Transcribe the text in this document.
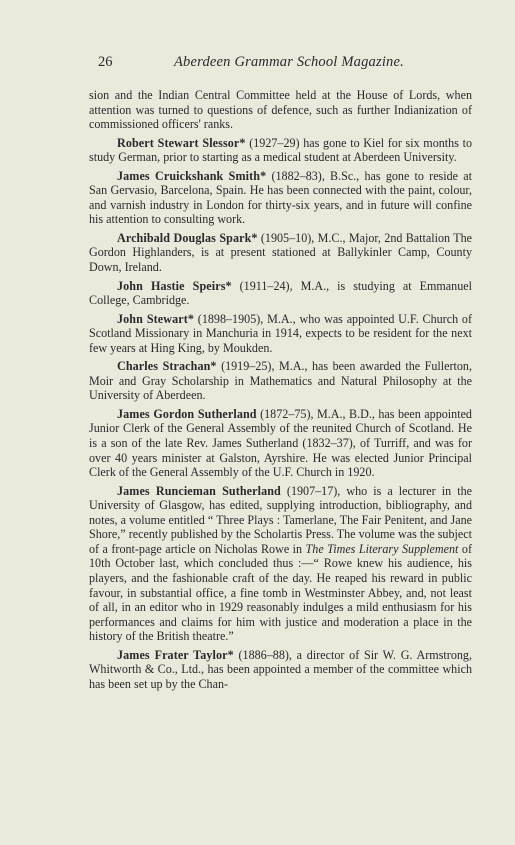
26	Aberdeen Grammar School Magazine.

sion and the Indian Central Committee held at the House of Lords, when attention was turned to questions of defence, such as further Indianization of commissioned officers' ranks.

Robert Stewart Slessor* (1927–29) has gone to Kiel for six months to study German, prior to starting as a medical student at Aberdeen University.

James Cruickshank Smith* (1882–83), B.Sc., has gone to reside at San Gervasio, Barcelona, Spain. He has been connected with the paint, colour, and varnish industry in London for thirty-six years, and in future will confine his attention to consulting work.

Archibald Douglas Spark* (1905–10), M.C., Major, 2nd Battalion The Gordon Highlanders, is at present stationed at Ballykinler Camp, County Down, Ireland.

John Hastie Speirs* (1911–24), M.A., is studying at Emmanuel College, Cambridge.

John Stewart* (1898–1905), M.A., who was appointed U.F. Church of Scotland Missionary in Manchuria in 1914, expects to be resident for the next few years at Hing King, by Moukden.

Charles Strachan* (1919–25), M.A., has been awarded the Fullerton, Moir and Gray Scholarship in Mathematics and Natural Philosophy at the University of Aberdeen.

James Gordon Sutherland (1872–75), M.A., B.D., has been appointed Junior Clerk of the General Assembly of the reunited Church of Scotland. He is a son of the late Rev. James Sutherland (1832–37), of Turriff, and was for over 40 years minister at Galston, Ayrshire. He was elected Junior Principal Clerk of the General Assembly of the U.F. Church in 1920.

James Runcieman Sutherland (1907–17), who is a lecturer in the University of Glasgow, has edited, supplying introduction, bibliography, and notes, a volume entitled “ Three Plays : Tamerlane, The Fair Penitent, and Jane Shore,” recently published by the Scholartis Press. The volume was the subject of a front-page article on Nicholas Rowe in The Times Literary Supplement of 10th October last, which concluded thus :—“ Rowe knew his audience, his players, and the fashionable craft of the day. He reaped his reward in public favour, in substantial office, a fine tomb in Westminster Abbey, and, not least of all, in an editor who in 1929 reasonably indulges a mild enthusiasm for his performances and claims for him with justice and moderation a place in the history of the British theatre.”

James Frater Taylor* (1886–88), a director of Sir W. G. Armstrong, Whitworth & Co., Ltd., has been appointed a member of the committee which has been set up by the Chan-
